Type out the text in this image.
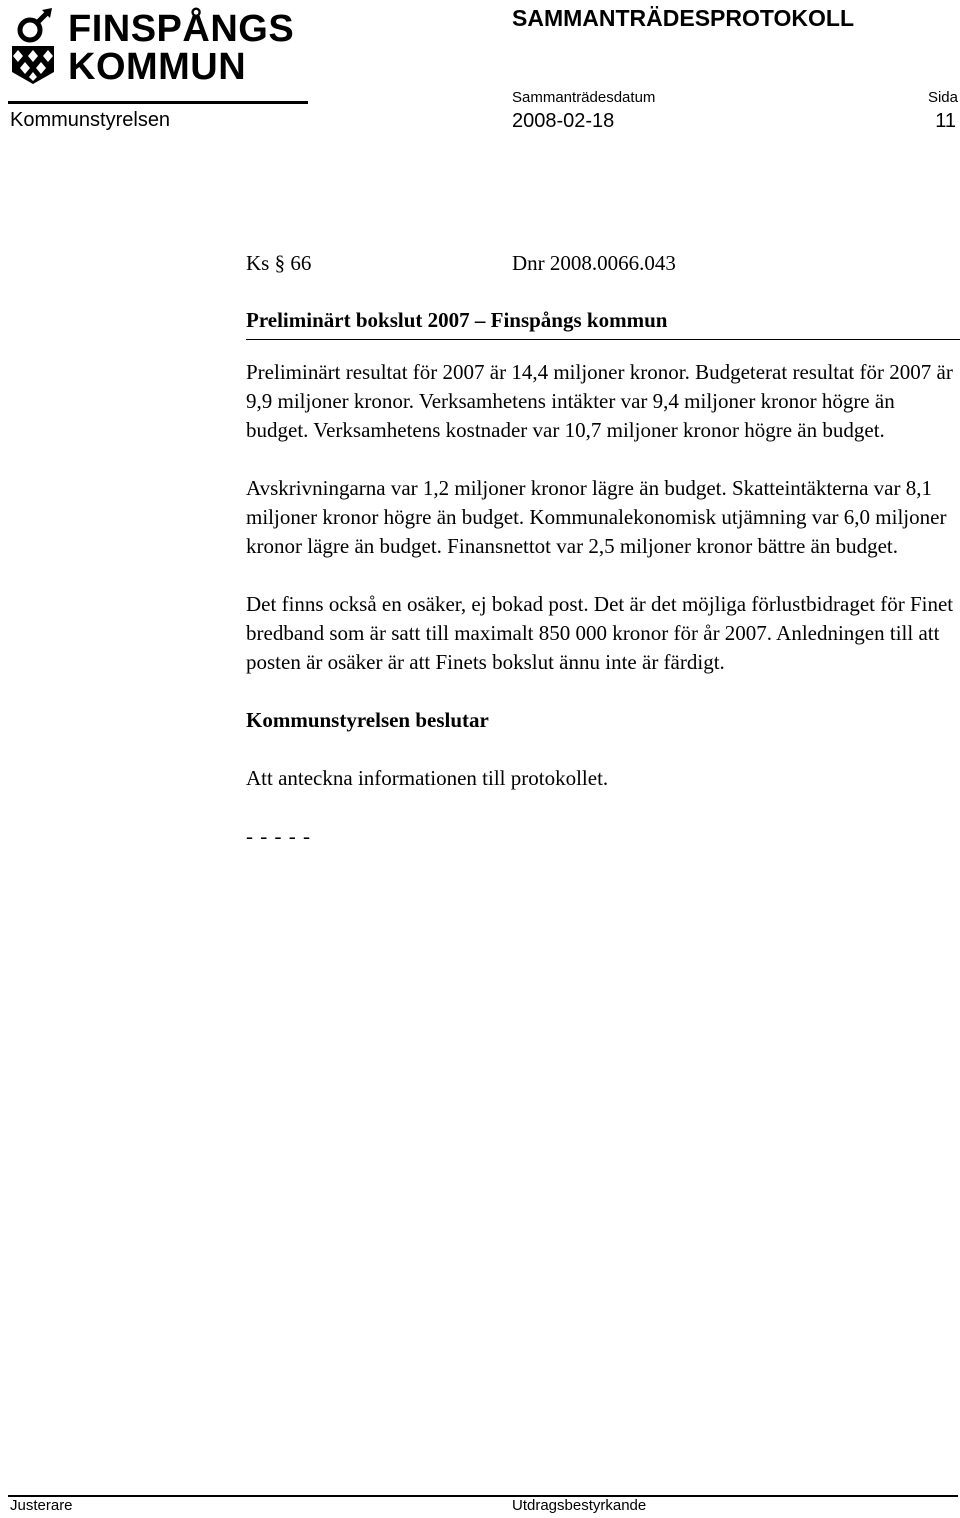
FINSPÅNGS
KOMMUN
Kommunstyrelsen
SAMMANTRÄDESPROTOKOLL
Sammanträdesdatum	Sida
2008-02-18	11
Ks § 66	Dnr 2008.0066.043

Preliminärt bokslut 2007 – Finspångs kommun

Preliminärt resultat för 2007 är 14,4 miljoner kronor. Budgeterat resultat för 2007 är 9,9 miljoner kronor. Verksamhetens intäkter var 9,4 miljoner kronor högre än budget. Verksamhetens kostnader var 10,7 miljoner kronor högre än budget.

Avskrivningarna var 1,2 miljoner kronor lägre än budget. Skatteintäkterna var 8,1 miljoner kronor högre än budget. Kommunalekonomisk utjämning var 6,0 miljoner kronor lägre än budget. Finansnettot var 2,5 miljoner kronor bättre än budget.

Det finns också en osäker, ej bokad post. Det är det möjliga förlustbidraget för Finet bredband som är satt till maximalt 850 000 kronor för år 2007. Anledningen till att posten är osäker är att Finets bokslut ännu inte är färdigt.

Kommunstyrelsen beslutar

Att anteckna informationen till protokollet.

- - - - -

Justerare	Utdragsbestyrkande
